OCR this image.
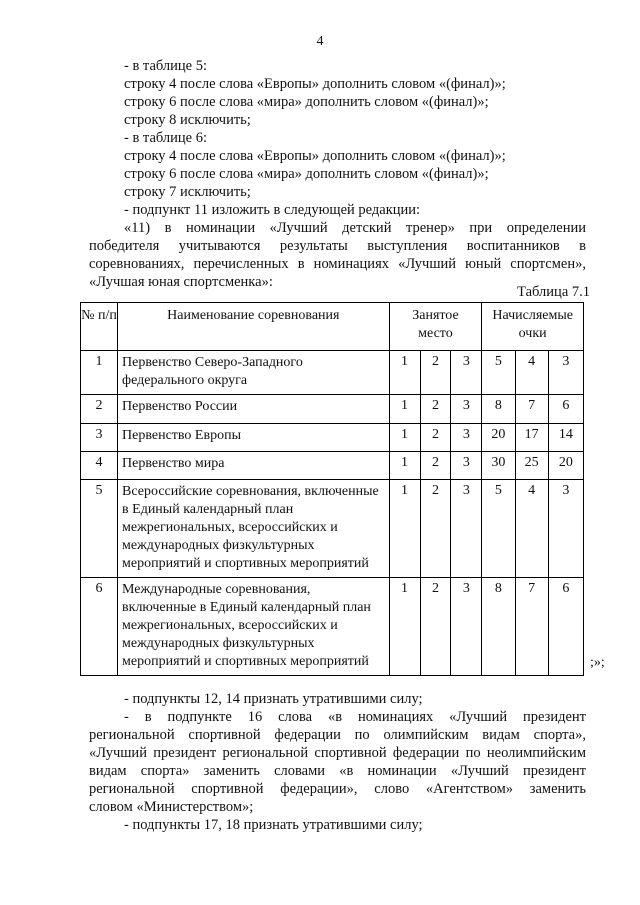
4
- в таблице 5:
строку 4 после слова «Европы» дополнить словом «(финал)»;
строку 6 после слова «мира» дополнить словом «(финал)»;
строку 8 исключить;
- в таблице 6:
строку 4 после слова «Европы» дополнить словом «(финал)»;
строку 6 после слова «мира» дополнить словом «(финал)»;
строку 7 исключить;
- подпункт 11 изложить в следующей редакции:
«11) в номинации «Лучший детский тренер» при определении
победителя учитываются результаты выступления воспитанников в
соревнованиях, перечисленных в номинациях «Лучший юный спортсмен»,
«Лучшая юная спортсменка»:
Таблица 7.1
№ п/п	Наименование соревнования	Занятое место			Начисляемые очки		
1	Первенство Северо-Западного федерального округа	1	2	3	5	4	3
2	Первенство России	1	2	3	8	7	6
3	Первенство Европы	1	2	3	20	17	14
4	Первенство мира	1	2	3	30	25	20
5	Всероссийские соревнования, включенные в Единый календарный план межрегиональных, всероссийских и международных физкультурных мероприятий и спортивных мероприятий	1	2	3	5	4	3
6	Международные соревнования, включенные в Единый календарный план межрегиональных, всероссийских и международных физкультурных мероприятий и спортивных мероприятий	1	2	3	8	7	6
;»;
- подпункты 12, 14 признать утратившими силу;
- в подпункте 16 слова «в номинациях «Лучший президент
региональной спортивной федерации по олимпийским видам спорта»,
«Лучший президент региональной спортивной федерации по неолимпийским
видам спорта» заменить словами «в номинации «Лучший президент
региональной спортивной федерации», слово «Агентством» заменить
словом «Министерством»;
- подпункты 17, 18 признать утратившими силу;
